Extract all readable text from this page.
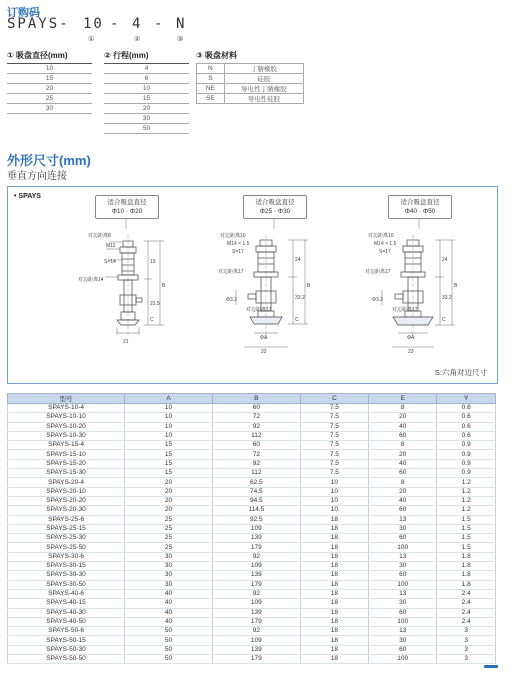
订购码
SPAYS- 10 - 4 - N
①	②	③
① 吸盘直径(mm)
10
15
20
25
30
② 行程(mm)
4
6
10
15
20
30
50
③ 吸盘材料
N	丁腈橡胶
S	硅胶
NE	导电性丁腈橡胶
SE	导电性硅胶
外形尺寸(mm)
垂直方向连接
• SPAYS
适合吸盘直径
Φ10 · Φ20
适合吸盘直径
Φ25 · Φ30
适合吸盘直径
Φ40 · Φ50
对边距离8
M11
S=14
对边距离14
21
19
22.5
B
C
对边距离10
M14 × 1.5
S=17
对边距离17
ΦA
22
24
33.2
B
C
Φ3.2
对边距离17
对边距离10
M14 × 1.5
S=17
对边距离17
ΦA
23
24
33.2
B
C
Φ3.2
对边距离17
S:六角对边尺寸
型号	A	B	C	E	Y
SPAYS-10-4	10	60	7.5	8	0.6
SPAYS-10-10	10	72	7.5	20	0.6
SPAYS-10-20	10	92	7.5	40	0.6
SPAYS-10-30	10	112	7.5	60	0.6
SPAYS-15-4	15	60	7.5	8	0.9
SPAYS-15-10	15	72	7.5	20	0.9
SPAYS-15-20	15	92	7.5	40	0.9
SPAYS-15-30	15	112	7.5	60	0.9
SPAYS-20-4	20	62.5	10	8	1.2
SPAYS-20-10	20	74.5	10	20	1.2
SPAYS-20-20	20	94.5	10	40	1.2
SPAYS-20-30	20	114.5	10	60	1.2
SPAYS-25-6	25	92.5	18	13	1.5
SPAYS-25-15	25	109	18	30	1.5
SPAYS-25-30	25	139	18	60	1.5
SPAYS-25-50	25	179	18	100	1.5
SPAYS-30-6	30	92	18	13	1.8
SPAYS-30-15	30	109	18	30	1.8
SPAYS-30-30	30	139	18	60	1.8
SPAYS-30-50	30	179	18	100	1.8
SPAYS-40-6	40	92	18	13	2.4
SPAYS-40-15	40	109	18	30	2.4
SPAYS-40-30	40	139	18	60	2.4
SPAYS-40-50	40	179	18	100	2.4
SPAYS-50-6	50	92	18	13	3
SPAYS-50-15	50	109	18	30	3
SPAYS-50-30	50	139	18	60	3
SPAYS-50-50	50	179	18	100	3
